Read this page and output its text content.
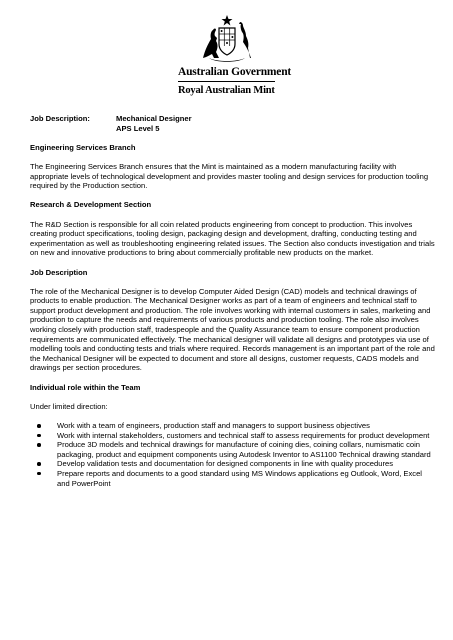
Australian Government
Royal Australian Mint
Job Description:	Mechanical Designer
APS Level 5

Engineering Services Branch

The Engineering Services Branch ensures that the Mint is maintained as a modern manufacturing facility with appropriate levels of technological development and provides master tooling and design services for production tooling required by the Production section.

Research & Development Section

The R&D Section is responsible for all coin related products engineering from concept to production. This involves creating product specifications, tooling design, packaging design and development, drafting, conducting testing and experimentation as well as troubleshooting engineering related issues. The Section also conducts investigation and trials on new and innovative productions to bring about commercially profitable new products on the market.

Job Description

The role of the Mechanical Designer is to develop Computer Aided Design (CAD) models and technical drawings of products to enable production. The Mechanical Designer works as part of a team of engineers and technical staff to support product development and production. The role involves working with internal customers in sales, marketing and production to capture the needs and requirements of various products and production tooling. The role also involves working closely with production staff, tradespeople and the Quality Assurance team to ensure component production requirements are communicated effectively. The mechanical designer will validate all designs and prototypes via use of modelling tools and conducting tests and trials where required. Records management is an important part of the role and the Mechanical Designer will be expected to document and store all designs, customer requests, CADS models and drawings per section procedures.

Individual role within the Team

Under limited direction:

Work with a team of engineers, production staff and managers to support business objectives
Work with internal stakeholders, customers and technical staff to assess requirements for product development
Produce 3D models and technical drawings for manufacture of coining dies, coining collars, numismatic coin packaging, product and equipment components using Autodesk Inventor to AS1100 Technical drawing standard
Develop validation tests and documentation for designed components in line with quality procedures
Prepare reports and documents to a good standard using MS Windows applications eg Outlook, Word, Excel and PowerPoint
